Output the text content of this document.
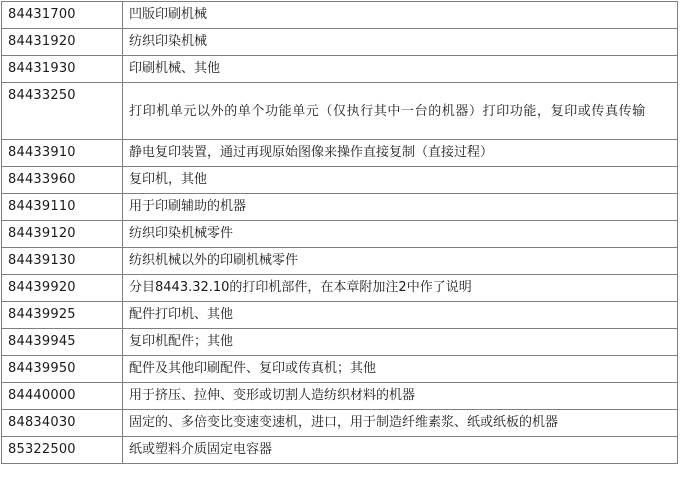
84431700	凹版印刷机械
84431920	纺织印染机械
84431930	印刷机械、其他
84433250	打印机单元以外的单个功能单元（仅执行其中一台的机器）打印功能，复印或传真传输
84433910	静电复印装置，通过再现原始图像来操作直接复制（直接过程）
84433960	复印机，其他
84439110	用于印刷辅助的机器
84439120	纺织印染机械零件
84439130	纺织机械以外的印刷机械零件
84439920	分目8443.32.10的打印机部件，在本章附加注2中作了说明
84439925	配件打印机、其他
84439945	复印机配件；其他
84439950	配件及其他印刷配件、复印或传真机；其他
84440000	用于挤压、拉伸、变形或切割人造纺织材料的机器
84834030	固定的、多倍变比变速变速机，进口，用于制造纤维素浆、纸或纸板的机器
85322500	纸或塑料介质固定电容器
